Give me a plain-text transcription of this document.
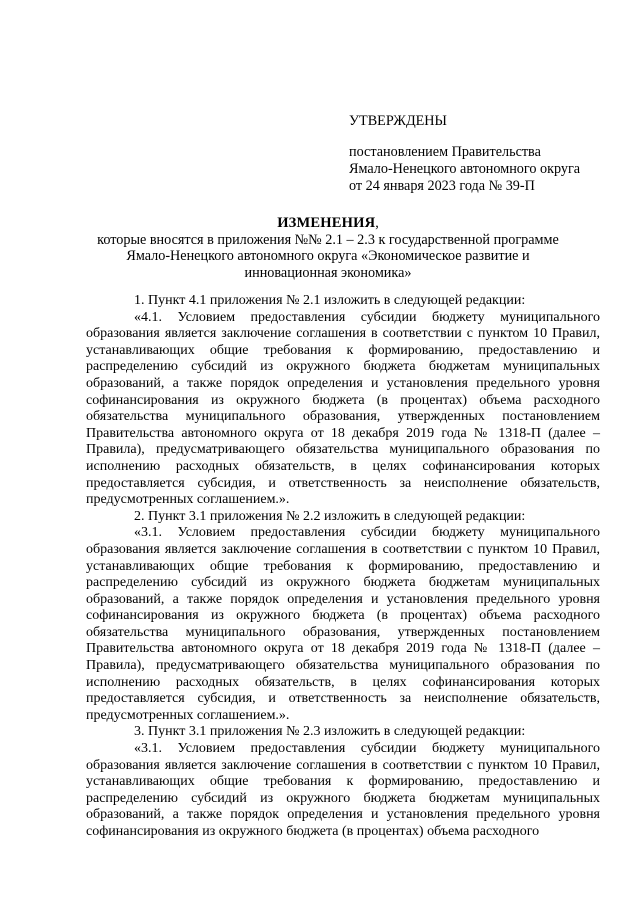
УТВЕРЖДЕНЫ
постановлением Правительства
Ямало-Ненецкого автономного округа
от 24 января 2023 года № 39-П
ИЗМЕНЕНИЯ,
которые вносятся в приложения №№ 2.1 – 2.3 к государственной программе Ямало-Ненецкого автономного округа «Экономическое развитие и инновационная экономика»

1. Пункт 4.1 приложения № 2.1 изложить в следующей редакции:

«4.1. Условием предоставления субсидии бюджету муниципального образования является заключение соглашения в соответствии с пунктом 10 Правил, устанавливающих общие требования к формированию, предоставлению и распределению субсидий из окружного бюджета бюджетам муниципальных образований, а также порядок определения и установления предельного уровня софинансирования из окружного бюджета (в процентах) объема расходного обязательства муниципального образования, утвержденных постановлением Правительства автономного округа от 18 декабря 2019 года № 1318-П (далее – Правила), предусматривающего обязательства муниципального образования по исполнению расходных обязательств, в целях софинансирования которых предоставляется субсидия, и ответственность за неисполнение обязательств, предусмотренных соглашением.».

2. Пункт 3.1 приложения № 2.2 изложить в следующей редакции:

«3.1. Условием предоставления субсидии бюджету муниципального образования является заключение соглашения в соответствии с пунктом 10 Правил, устанавливающих общие требования к формированию, предоставлению и распределению субсидий из окружного бюджета бюджетам муниципальных образований, а также порядок определения и установления предельного уровня софинансирования из окружного бюджета (в процентах) объема расходного обязательства муниципального образования, утвержденных постановлением Правительства автономного округа от 18 декабря 2019 года № 1318-П (далее – Правила), предусматривающего обязательства муниципального образования по исполнению расходных обязательств, в целях софинансирования которых предоставляется субсидия, и ответственность за неисполнение обязательств, предусмотренных соглашением.».

3. Пункт 3.1 приложения № 2.3 изложить в следующей редакции:

«3.1. Условием предоставления субсидии бюджету муниципального образования является заключение соглашения в соответствии с пунктом 10 Правил, устанавливающих общие требования к формированию, предоставлению и распределению субсидий из окружного бюджета бюджетам муниципальных образований, а также порядок определения и установления предельного уровня софинансирования из окружного бюджета (в процентах) объема расходного
